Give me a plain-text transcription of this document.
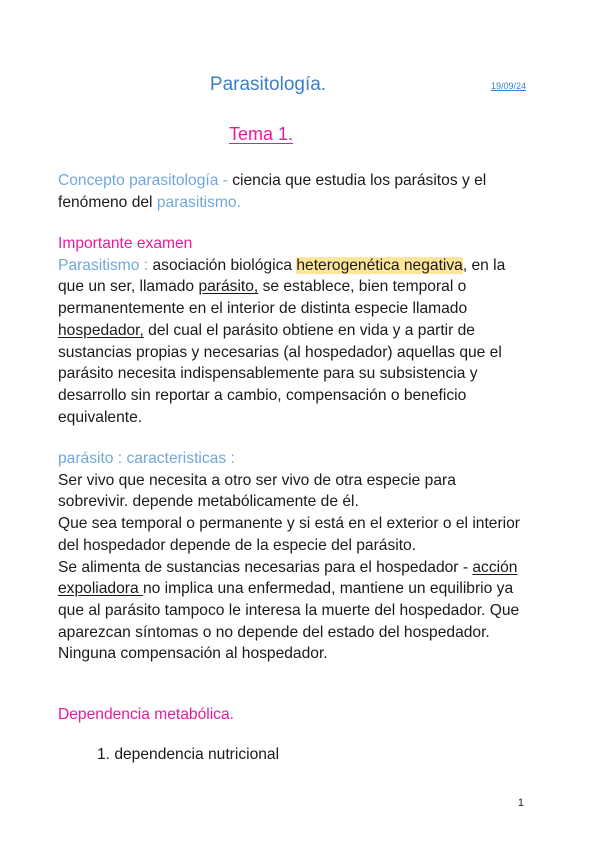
Parasitología.	19/09/24
Tema 1.
Concepto parasitología - ciencia que estudia los parásitos y el fenómeno del parasitismo.
Importante examen
Parasitismo : asociación biológica heterogenética negativa, en la que un ser, llamado parásito, se establece, bien temporal o permanentemente en el interior de distinta especie llamado hospedador, del cual el parásito obtiene en vida y a partir de sustancias propias y necesarias (al hospedador) aquellas que el parásito necesita indispensablemente para su subsistencia y desarrollo sin reportar a cambio, compensación o beneficio equivalente.
parásito : caracteristicas :
Ser vivo que necesita a otro ser vivo de otra especie para sobrevivir. depende metabólicamente de él.
Que sea temporal o permanente y si está en el exterior o el interior del hospedador depende de la especie del parásito.
Se alimenta de sustancias necesarias para el hospedador - acción expoliadora no implica una enfermedad, mantiene un equilibrio ya que al parásito tampoco le interesa la muerte del hospedador. Que aparezcan síntomas o no depende del estado del hospedador.
Ninguna compensación al hospedador.
Dependencia metabólica.
1. dependencia nutricional
1
